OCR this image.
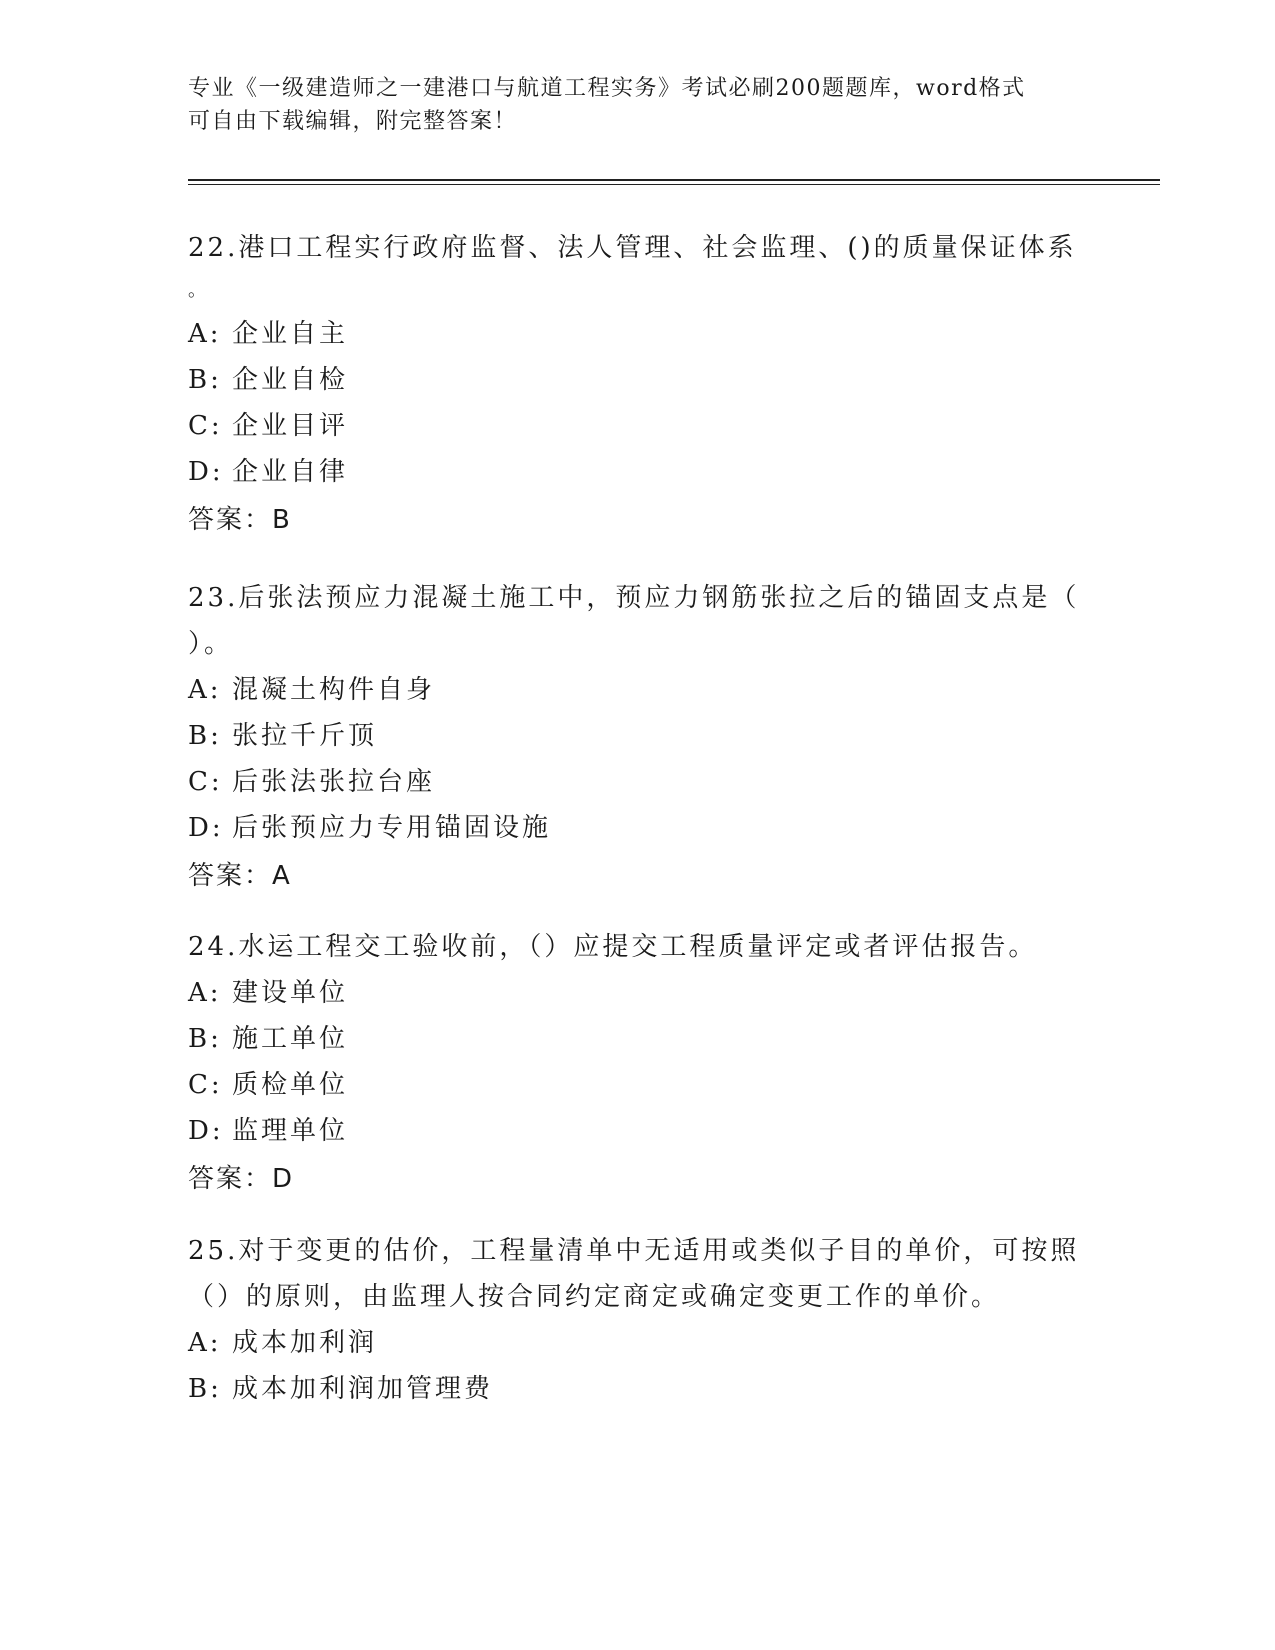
专业《一级建造师之一建港口与航道工程实务》考试必刷200题题库，word格式
可自由下载编辑，附完整答案！
22.港口工程实行政府监督、法人管理、社会监理、()的质量保证体系
。
A: 企业自主
B: 企业自检
C: 企业目评
D: 企业自律
答案：B
23.后张法预应力混凝土施工中，预应力钢筋张拉之后的锚固支点是（
）。
A: 混凝土构件自身
B: 张拉千斤顶
C: 后张法张拉台座
D: 后张预应力专用锚固设施
答案：A
24.水运工程交工验收前，（）应提交工程质量评定或者评估报告。
A: 建设单位
B: 施工单位
C: 质检单位
D: 监理单位
答案：D
25.对于变更的估价，工程量清单中无适用或类似子目的单价，可按照
（）的原则，由监理人按合同约定商定或确定变更工作的单价。
A: 成本加利润
B: 成本加利润加管理费
